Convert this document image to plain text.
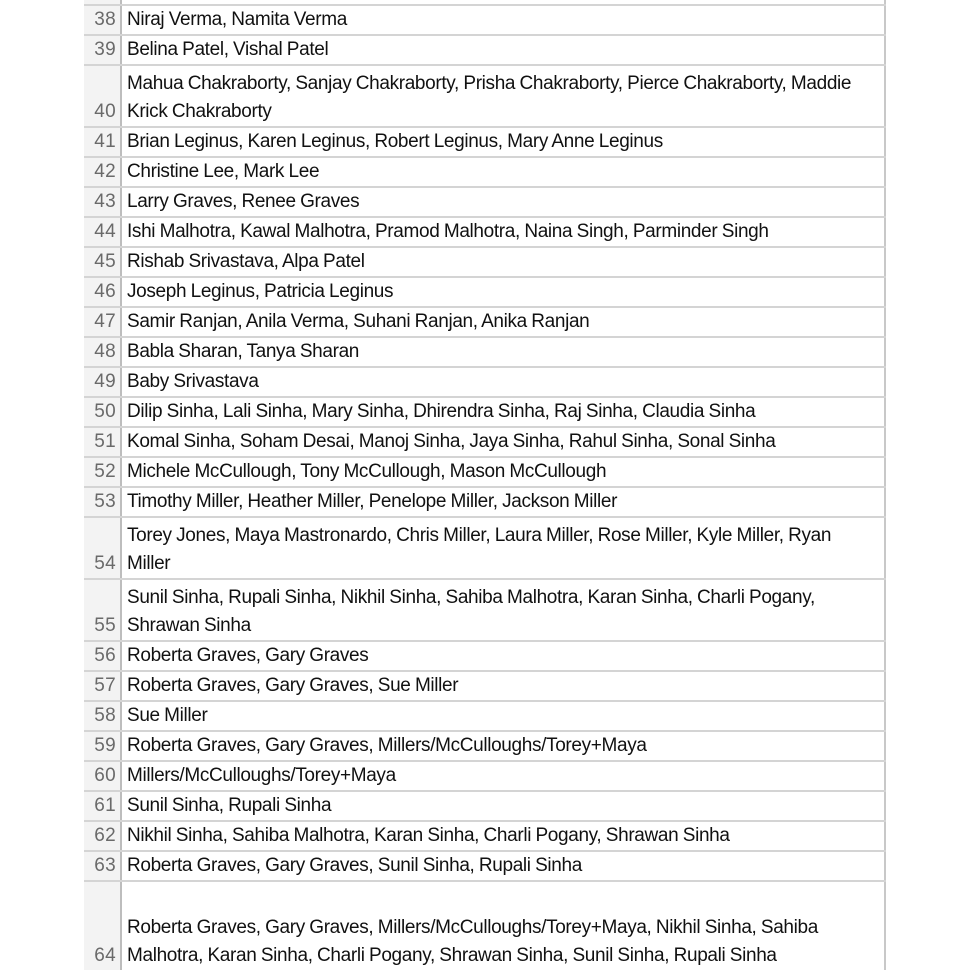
38 Niraj Verma, Namita Verma
39 Belina Patel, Vishal Patel
40
Mahua Chakraborty, Sanjay Chakraborty, Prisha Chakraborty, Pierce Chakraborty, Maddie Krick Chakraborty
41 Brian Leginus, Karen Leginus, Robert Leginus, Mary Anne Leginus
42 Christine Lee, Mark Lee
43 Larry Graves, Renee Graves
44 Ishi Malhotra, Kawal Malhotra, Pramod Malhotra, Naina Singh, Parminder Singh
45 Rishab Srivastava, Alpa Patel
46 Joseph Leginus, Patricia Leginus
47 Samir Ranjan, Anila Verma, Suhani Ranjan, Anika Ranjan
48 Babla Sharan, Tanya Sharan
49 Baby Srivastava
50 Dilip Sinha, Lali Sinha, Mary Sinha, Dhirendra Sinha, Raj Sinha, Claudia Sinha
51 Komal Sinha, Soham Desai, Manoj Sinha, Jaya Sinha, Rahul Sinha, Sonal Sinha
52 Michele McCullough, Tony McCullough, Mason McCullough
53 Timothy Miller, Heather Miller, Penelope Miller, Jackson Miller
54
Torey Jones, Maya Mastronardo, Chris Miller, Laura Miller, Rose Miller, Kyle Miller, Ryan Miller
55
Sunil Sinha, Rupali Sinha, Nikhil Sinha, Sahiba Malhotra, Karan Sinha, Charli Pogany, Shrawan Sinha
56 Roberta Graves, Gary Graves
57 Roberta Graves, Gary Graves, Sue Miller
58 Sue Miller
59 Roberta Graves, Gary Graves, Millers/McCulloughs/Torey+Maya
60 Millers/McCulloughs/Torey+Maya
61 Sunil Sinha, Rupali Sinha
62 Nikhil Sinha, Sahiba Malhotra, Karan Sinha, Charli Pogany, Shrawan Sinha
63 Roberta Graves, Gary Graves, Sunil Sinha, Rupali Sinha
64
Roberta Graves, Gary Graves, Millers/McCulloughs/Torey+Maya, Nikhil Sinha, Sahiba Malhotra, Karan Sinha, Charli Pogany, Shrawan Sinha, Sunil Sinha, Rupali Sinha
